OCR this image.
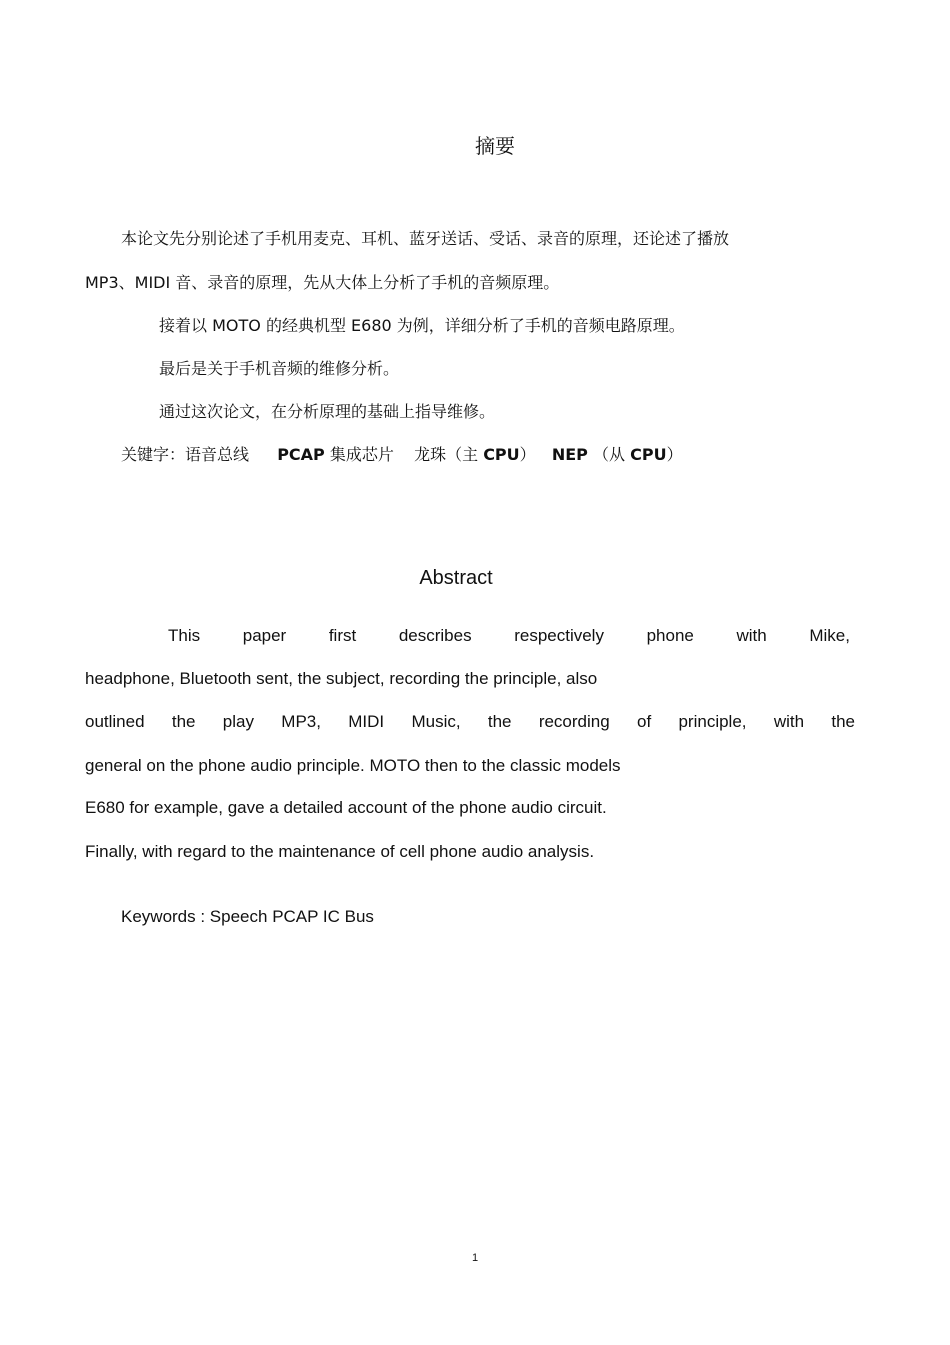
摘要
本论文先分别论述了手机用麦克、耳机、蓝牙送话、受话、录音的原理，还论述了播放
MP3、MIDI 音、录音的原理，先从大体上分析了手机的音频原理。
接着以 MOTO 的经典机型 E680 为例，详细分析了手机的音频电路原理。
最后是关于手机音频的维修分析。
通过这次论文，在分析原理的基础上指导维修。
关键字：语音总线 PCAP 集成芯片 龙珠（主 CPU） NEP （从 CPU）
Abstract
This	paper	first	describes	respectively	phone	with	Mike,
headphone, Bluetooth sent, the subject, recording the principle, also
outlined the play MP3, MIDI Music, the recording of principle, with the
general on the phone audio principle. MOTO then to the classic models
E680 for example, gave a detailed account of the phone audio circuit.
Finally, with regard to the maintenance of cell phone audio analysis.
Keywords : Speech PCAP IC Bus
1
